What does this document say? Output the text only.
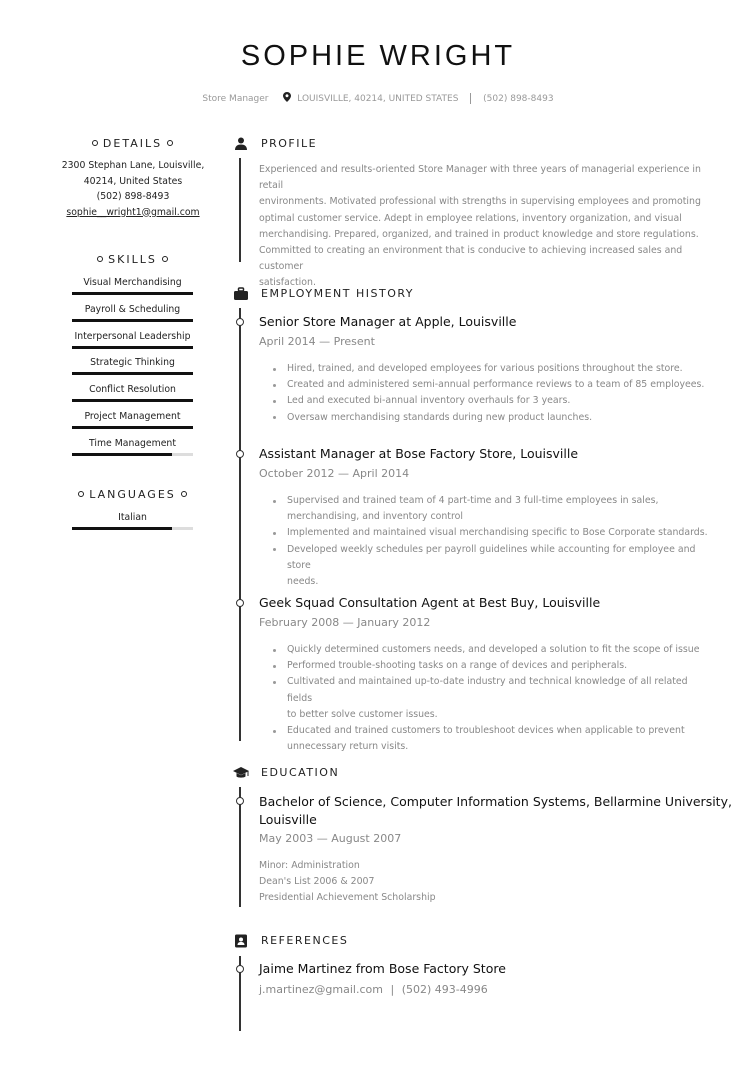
SOPHIE WRIGHT
Store Manager	LOUISVILLE, 40214, UNITED STATES	(502) 898-8493
DETAILS
2300 Stephan Lane, Louisville,
40214, United States
(502) 898-8493
sophie__wright1@gmail.com
SKILLS
Visual Merchandising
Payroll & Scheduling
Interpersonal Leadership
Strategic Thinking
Conflict Resolution
Project Management
Time Management
LANGUAGES
Italian
PROFILE
Experienced and results-oriented Store Manager with three years of managerial experience in retail
environments. Motivated professional with strengths in supervising employees and promoting
optimal customer service. Adept in employee relations, inventory organization, and visual
merchandising. Prepared, organized, and trained in product knowledge and store regulations.
Committed to creating an environment that is conducive to achieving increased sales and customer
satisfaction.
EMPLOYMENT HISTORY
Senior Store Manager at Apple, Louisville
April 2014 — Present
Hired, trained, and developed employees for various positions throughout the store.
Created and administered semi-annual performance reviews to a team of 85 employees.
Led and executed bi-annual inventory overhauls for 3 years.
Oversaw merchandising standards during new product launches.
Assistant Manager at Bose Factory Store, Louisville
October 2012 — April 2014
Supervised and trained team of 4 part-time and 3 full-time employees in sales,
merchandising, and inventory control
Implemented and maintained visual merchandising specific to Bose Corporate standards.
Developed weekly schedules per payroll guidelines while accounting for employee and store
needs.
Geek Squad Consultation Agent at Best Buy, Louisville
February 2008 — January 2012
Quickly determined customers needs, and developed a solution to fit the scope of issue
Performed trouble-shooting tasks on a range of devices and peripherals.
Cultivated and maintained up-to-date industry and technical knowledge of all related fields
to better solve customer issues.
Educated and trained customers to troubleshoot devices when applicable to prevent
unnecessary return visits.
EDUCATION
Bachelor of Science, Computer Information Systems, Bellarmine University,
Louisville
May 2003 — August 2007
Minor: Administration
Dean's List 2006 & 2007
Presidential Achievement Scholarship
REFERENCES
Jaime Martinez from Bose Factory Store
j.martinez@gmail.com | (502) 493-4996
